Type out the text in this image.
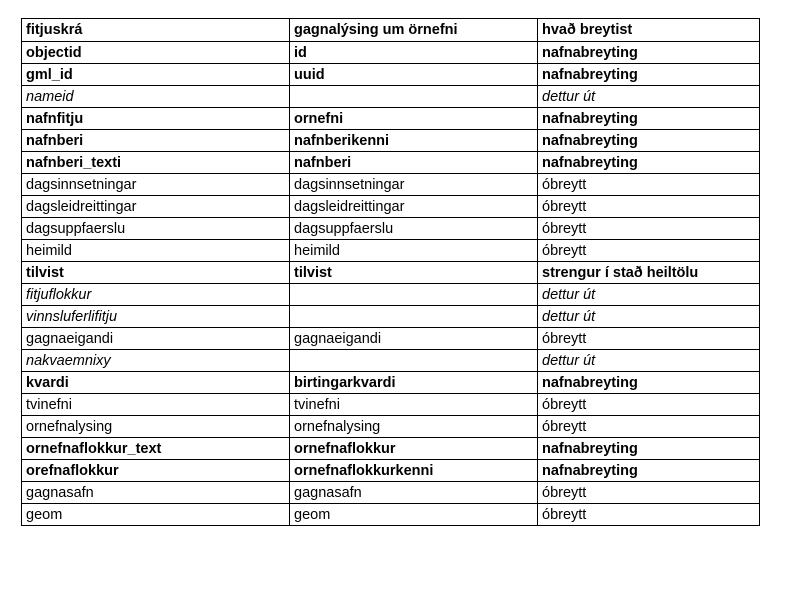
fitjuskrá	gagnalýsing um örnefni	hvað breytist
objectid	id	nafnabreyting
gml_id	uuid	nafnabreyting
nameid		dettur út
nafnfitju	ornefni	nafnabreyting
nafnberi	nafnberikenni	nafnabreyting
nafnberi_texti	nafnberi	nafnabreyting
dagsinnsetningar	dagsinnsetningar	óbreytt
dagsleidreittingar	dagsleidreittingar	óbreytt
dagsuppfaerslu	dagsuppfaerslu	óbreytt
heimild	heimild	óbreytt
tilvist	tilvist	strengur í stað heiltölu
fitjuflokkur		dettur út
vinnsluferlifitju		dettur út
gagnaeigandi	gagnaeigandi	óbreytt
nakvaemnixy		dettur út
kvardi	birtingarkvardi	nafnabreyting
tvinefni	tvinefni	óbreytt
ornefnalysing	ornefnalysing	óbreytt
ornefnaflokkur_text	ornefnaflokkur	nafnabreyting
orefnaflokkur	ornefnaflokkurkenni	nafnabreyting
gagnasafn	gagnasafn	óbreytt
geom	geom	óbreytt
